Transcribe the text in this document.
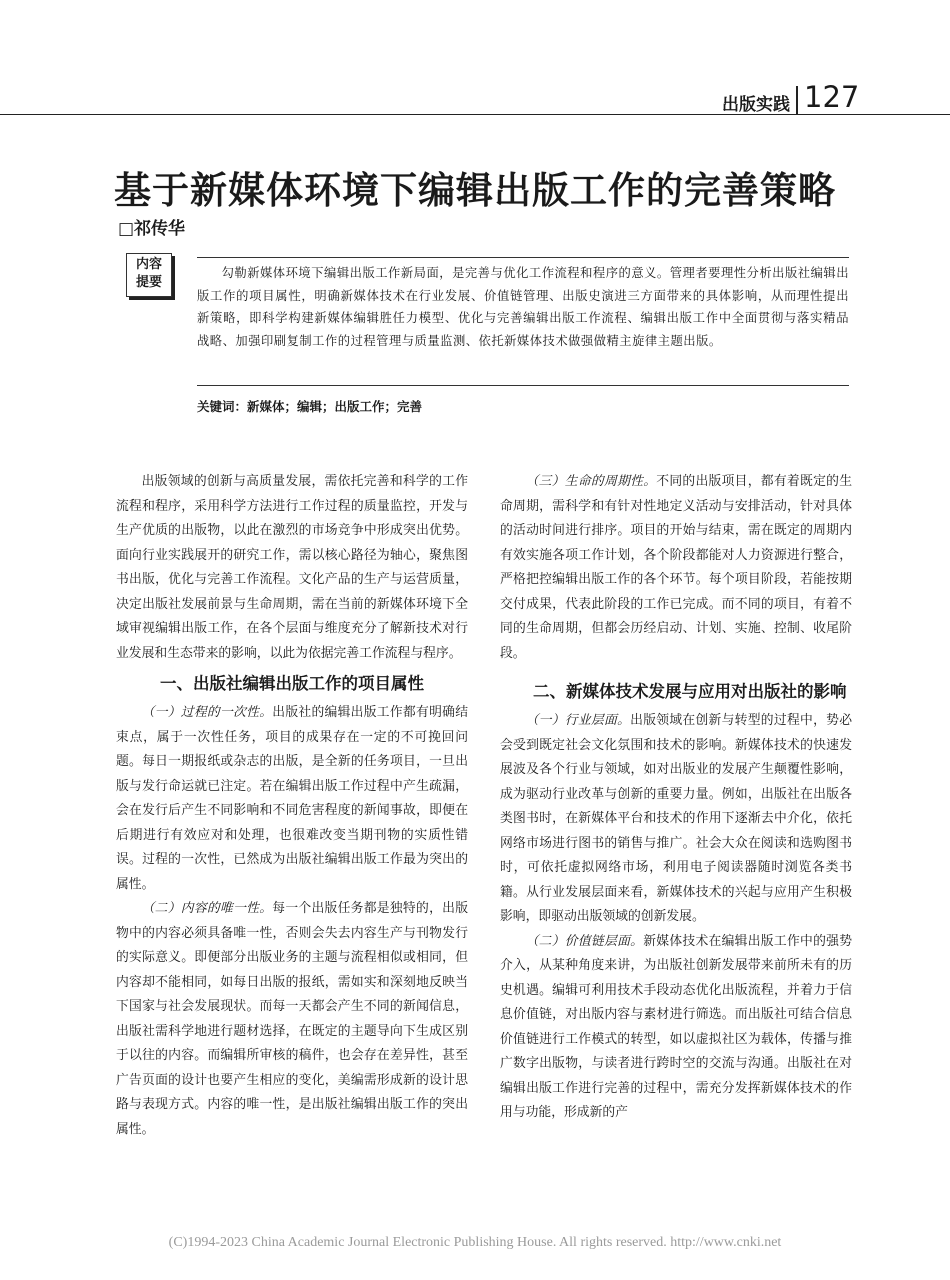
出版实践 127
基于新媒体环境下编辑出版工作的完善策略
□祁传华
内容
提要
勾勒新媒体环境下编辑出版工作新局面，是完善与优化工作流程和程序的意义。管理者要理性分析出版社编辑出版工作的项目属性，明确新媒体技术在行业发展、价值链管理、出版史演进三方面带来的具体影响，从而理性提出新策略，即科学构建新媒体编辑胜任力模型、优化与完善编辑出版工作流程、编辑出版工作中全面贯彻与落实精品战略、加强印刷复制工作的过程管理与质量监测、依托新媒体技术做强做精主旋律主题出版。
关键词：新媒体；编辑；出版工作；完善

出版领域的创新与高质量发展，需依托完善和科学的工作流程和程序，采用科学方法进行工作过程的质量监控，开发与生产优质的出版物，以此在激烈的市场竞争中形成突出优势。面向行业实践展开的研究工作，需以核心路径为轴心，聚焦图书出版，优化与完善工作流程。文化产品的生产与运营质量，决定出版社发展前景与生命周期，需在当前的新媒体环境下全域审视编辑出版工作，在各个层面与维度充分了解新技术对行业发展和生态带来的影响，以此为依据完善工作流程与程序。

一、出版社编辑出版工作的项目属性

（一）过程的一次性。出版社的编辑出版工作都有明确结束点，属于一次性任务，项目的成果存在一定的不可挽回问题。每日一期报纸或杂志的出版，是全新的任务项目，一旦出版与发行命运就已注定。若在编辑出版工作过程中产生疏漏，会在发行后产生不同影响和不同危害程度的新闻事故，即便在后期进行有效应对和处理，也很难改变当期刊物的实质性错误。过程的一次性，已然成为出版社编辑出版工作最为突出的属性。

（二）内容的唯一性。每一个出版任务都是独特的，出版物中的内容必须具备唯一性，否则会失去内容生产与刊物发行的实际意义。即便部分出版业务的主题与流程相似或相同，但内容却不能相同，如每日出版的报纸，需如实和深刻地反映当下国家与社会发展现状。而每一天都会产生不同的新闻信息，出版社需科学地进行题材选择，在既定的主题导向下生成区别于以往的内容。而编辑所审核的稿件，也会存在差异性，甚至广告页面的设计也要产生相应的变化，美编需形成新的设计思路与表现方式。内容的唯一性，是出版社编辑出版工作的突出属性。

（三）生命的周期性。不同的出版项目，都有着既定的生命周期，需科学和有针对性地定义活动与安排活动，针对具体的活动时间进行排序。项目的开始与结束，需在既定的周期内有效实施各项工作计划，各个阶段都能对人力资源进行整合，严格把控编辑出版工作的各个环节。每个项目阶段，若能按期交付成果，代表此阶段的工作已完成。而不同的项目，有着不同的生命周期，但都会历经启动、计划、实施、控制、收尾阶段。

二、新媒体技术发展与应用对出版社的影响

（一）行业层面。出版领域在创新与转型的过程中，势必会受到既定社会文化氛围和技术的影响。新媒体技术的快速发展波及各个行业与领域，如对出版业的发展产生颠覆性影响，成为驱动行业改革与创新的重要力量。例如，出版社在出版各类图书时，在新媒体平台和技术的作用下逐渐去中介化，依托网络市场进行图书的销售与推广。社会大众在阅读和选购图书时，可依托虚拟网络市场，利用电子阅读器随时浏览各类书籍。从行业发展层面来看，新媒体技术的兴起与应用产生积极影响，即驱动出版领域的创新发展。

（二）价值链层面。新媒体技术在编辑出版工作中的强势介入，从某种角度来讲，为出版社创新发展带来前所未有的历史机遇。编辑可利用技术手段动态优化出版流程，并着力于信息价值链，对出版内容与素材进行筛选。而出版社可结合信息价值链进行工作模式的转型，如以虚拟社区为载体，传播与推广数字出版物，与读者进行跨时空的交流与沟通。出版社在对编辑出版工作进行完善的过程中，需充分发挥新媒体技术的作用与功能，形成新的产

(C)1994-2023 China Academic Journal Electronic Publishing House. All rights reserved. http://www.cnki.net
